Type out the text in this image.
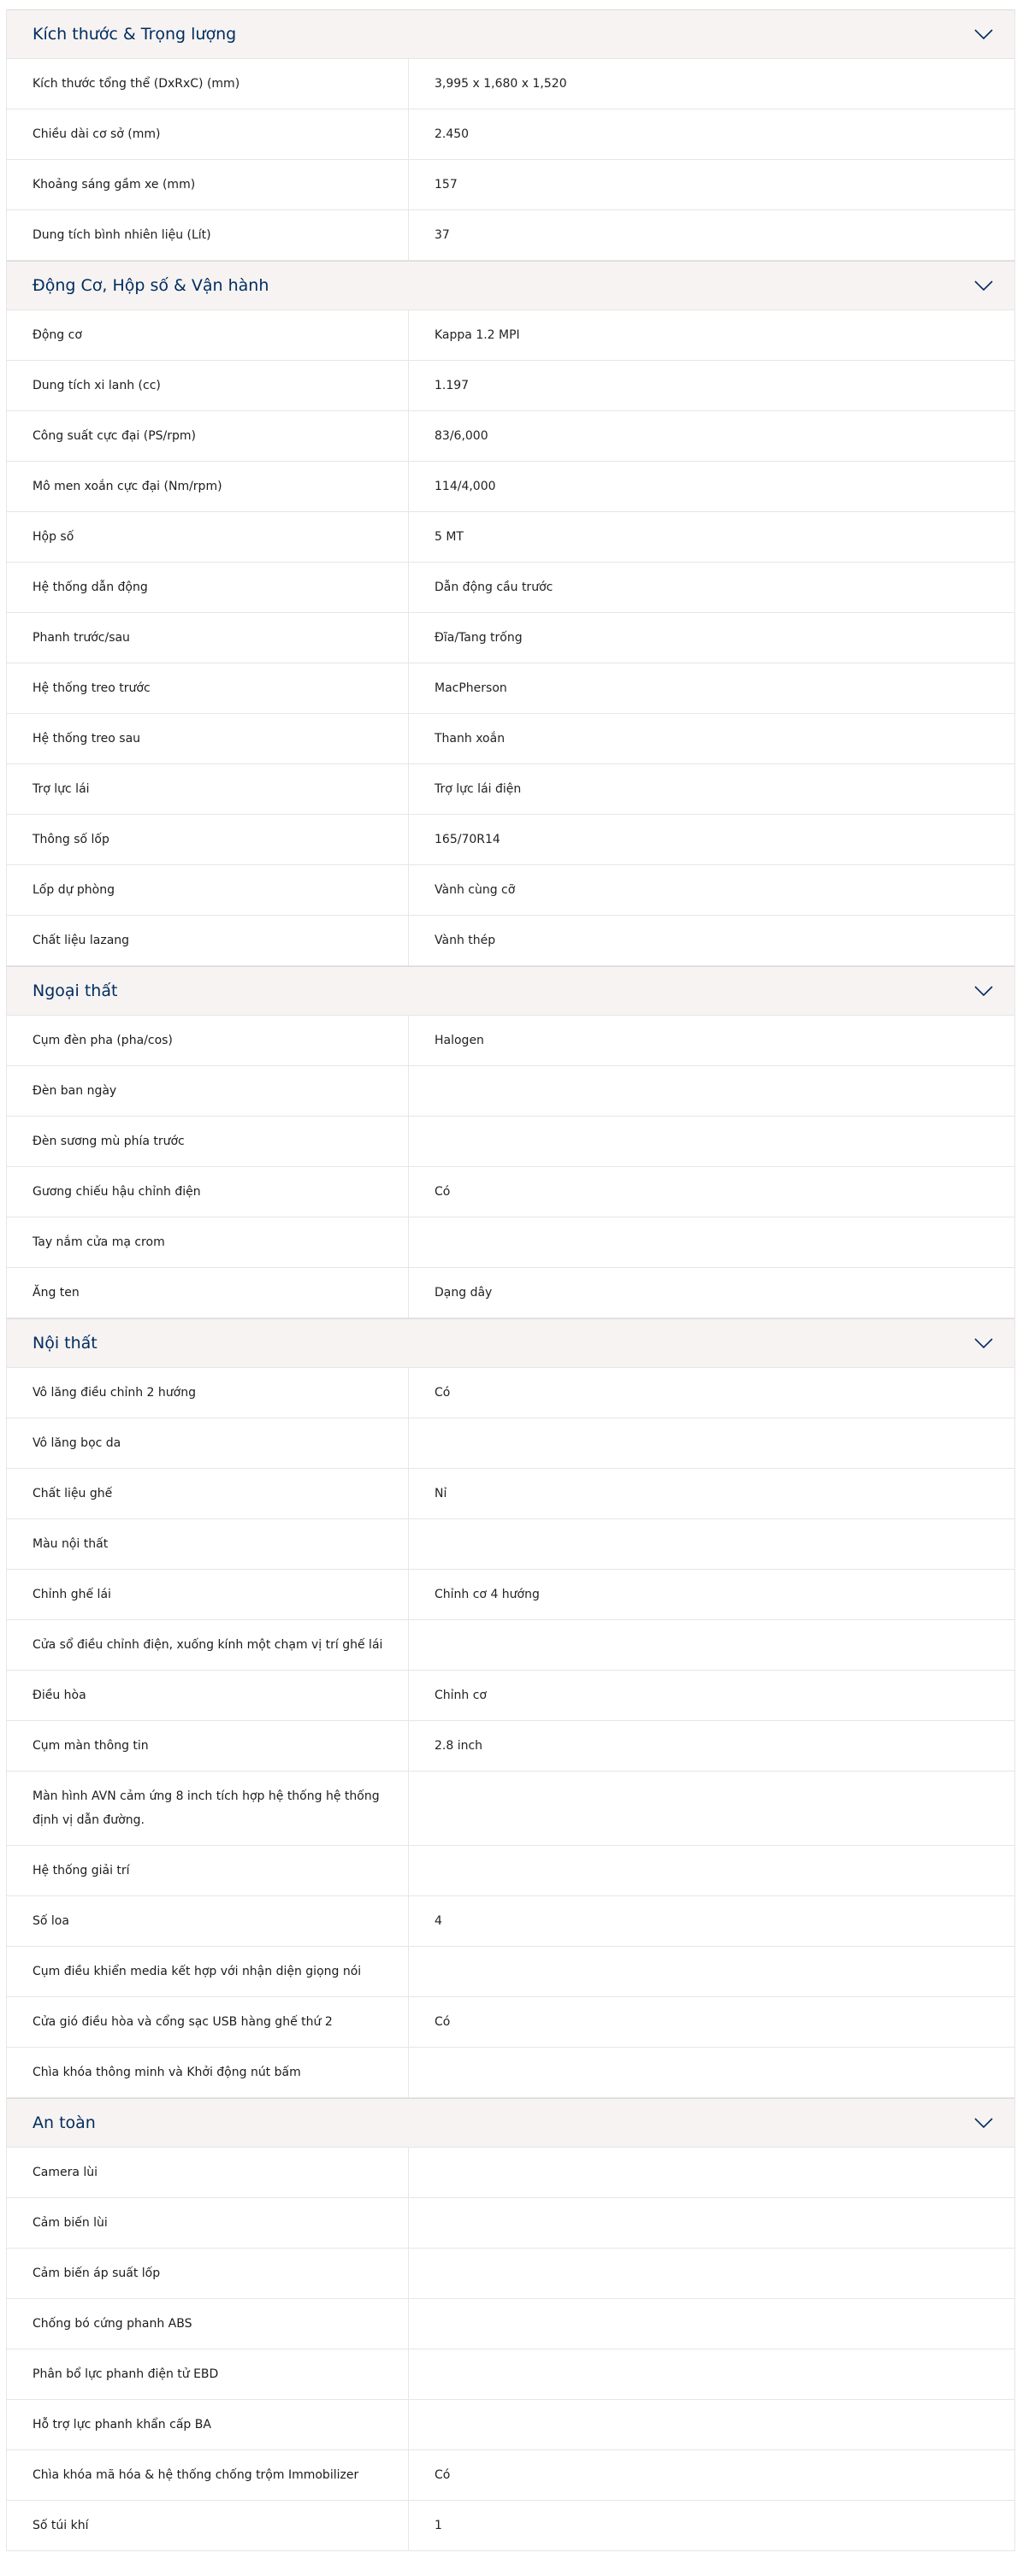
Kích thước & Trọng lượng
Kích thước tổng thể (DxRxC) (mm)	3,995 x 1,680 x 1,520
Chiều dài cơ sở (mm)	2.450
Khoảng sáng gầm xe (mm)	157
Dung tích bình nhiên liệu (Lít)	37
Động Cơ, Hộp số & Vận hành
Động cơ	Kappa 1.2 MPI
Dung tích xi lanh (cc)	1.197
Công suất cực đại (PS/rpm)	83/6,000
Mô men xoắn cực đại (Nm/rpm)	114/4,000
Hộp số	5 MT
Hệ thống dẫn động	Dẫn động cầu trước
Phanh trước/sau	Đĩa/Tang trống
Hệ thống treo trước	MacPherson
Hệ thống treo sau	Thanh xoắn
Trợ lực lái	Trợ lực lái điện
Thông số lốp	165/70R14
Lốp dự phòng	Vành cùng cỡ
Chất liệu lazang	Vành thép
Ngoại thất
Cụm đèn pha (pha/cos)	Halogen
Đèn ban ngày
Đèn sương mù phía trước
Gương chiếu hậu chỉnh điện	Có
Tay nắm cửa mạ crom
Ăng ten	Dạng dây
Nội thất
Vô lăng điều chỉnh 2 hướng	Có
Vô lăng bọc da
Chất liệu ghế	Nỉ
Màu nội thất
Chỉnh ghế lái	Chỉnh cơ 4 hướng
Cửa sổ điều chỉnh điện, xuống kính một chạm vị trí ghế lái
Điều hòa	Chỉnh cơ
Cụm màn thông tin	2.8 inch
Màn hình AVN cảm ứng 8 inch tích hợp hệ thống hệ thống định vị dẫn đường.
Hệ thống giải trí
Số loa	4
Cụm điều khiển media kết hợp với nhận diện giọng nói
Cửa gió điều hòa và cổng sạc USB hàng ghế thứ 2	Có
Chìa khóa thông minh và Khởi động nút bấm
An toàn
Camera lùi
Cảm biến lùi
Cảm biến áp suất lốp
Chống bó cứng phanh ABS
Phân bổ lực phanh điện tử EBD
Hỗ trợ lực phanh khẩn cấp BA
Chìa khóa mã hóa & hệ thống chống trộm Immobilizer	Có
Số túi khí	1
